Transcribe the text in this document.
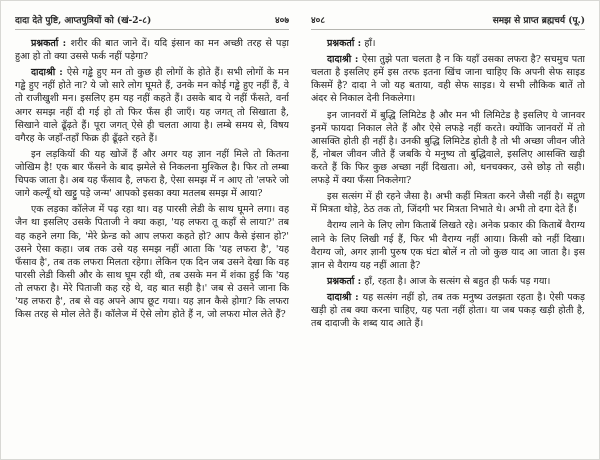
दादा देते पुष्टि, आप्तपुत्रियों को (खं-2-८)	४०७

प्रश्नकर्ता : शरीर की बात जाने दें। यदि इंसान का मन अच्छी तरह से पड़ा हुआ हो तो क्या उससे फर्क नहीं पड़ेगा?

दादाश्री : ऐसे गड्ढे हुए मन तो कुछ ही लोगों के होते हैं। सभी लोगों के मन गड्ढे हुए नहीं होते ना? ये जो सारे लोग घूमते हैं, उनके मन कोई गड्ढे हुए नहीं हैं, वे तो राजीखुशी मन। इसलिए हम यह नहीं कहते हैं। उसके बाद ये नहीं फँसते, वर्ना अगर समझ नहीं दी गई हो तो फिर फँस ही जाएँ। यह जगत् तो सिखाता है, सिखाने वाले ढूँढ़ते हैं। पूरा जगत् ऐसे ही चलता आया है। लम्बे समय से, विषय वगैरह के जहाँ-तहाँ फिक्र ही ढूँढ़ते रहते हैं।

इन लड़कियों की यह खोजें हैं और अगर यह ज्ञान नहीं मिले तो कितना जोखिम है! एक बार फँसने के बाद झमेले से निकलना मुश्किल है। फिर तो लम्बा चिपक जाता है। अब यह फँसाव है, लफरा है, ऐसा समझ में न आए तो 'लफरे जो जागे कल्यूँ थो खट्टु पड़े जन्म' आपको इसका क्या मतलब समझ में आया?

एक लड़का कॉलेज में पढ़ रहा था। वह पारसी लेडी के साथ घूमने लगा। वह जैन था इसलिए उसके पिताजी ने क्या कहा, 'यह लफरा तू कहाँ से लाया?' तब वह कहने लगा कि, 'मेरे फ्रेन्ड को आप लफरा कहते हो? आप कैसे इंसान हो?' उसने ऐसा कहा। जब तक उसे यह समझ नहीं आता कि 'यह लफरा है', 'यह फँसाव है', तब तक लफरा मिलता रहेगा। लेकिन एक दिन जब उसने देखा कि वह पारसी लेडी किसी और के साथ घूम रही थी, तब उसके मन में शंका हुई कि 'यह तो लफरा है। मेरे पिताजी कह रहे थे, वह बात सही है।' जब से उसने जाना कि 'यह लफरा है', तब से वह अपने आप छूट गया। यह ज्ञान कैसे होगा? कि लफरा किस तरह से मोल लेते हैं। कॉलेज में ऐसे लोग होते हैं न, जो लफरा मोल लेते हैं?

४०८	समझ से प्राप्त ब्रह्मचर्य (पू.)

प्रश्नकर्ता : हाँ।

दादाश्री : ऐसा तुझे पता चलता है न कि यहाँ उसका लफरा है? सचमुच पता चलता है इसलिए हमें इस तरफ इतना खिंच जाना चाहिए कि अपनी सेफ साइड किसमें है? दादा ने जो यह बताया, वही सेफ साइड। ये सभी लौकिक बातें तो अंदर से निकाल देनी निकलेगा।

इन जानवरों में बुद्धि लिमिटेड है और मन भी लिमिटेड है इसलिए ये जानवर इनमें फायदा निकाल लेते हैं और ऐसे लफड़े नहीं करते। क्योंकि जानवरों में तो आसक्ति होती ही नहीं है। उनकी बुद्धि लिमिटेड होती है तो भी अच्छा जीवन जीते हैं, नोबल जीवन जीते हैं जबकि ये मनुष्य तो बुद्धिवाले, इसलिए आसक्ति खड़ी करते हैं कि फिर कुछ अच्छा नहीं दिखता। ओ, धनचक्कर, उसे छोड़ तो सही। लफड़े में क्या फँसा निकलेगा?

इस सत्संग में ही रहने जैसा है। अभी कहीं मित्रता करने जैसी नहीं है। सद्गुण में मित्रता थोड़े, ठेठ तक तो, जिंदगी भर मित्रता निभाते थे। अभी तो दगा देते हैं।

वैराग्य लाने के लिए लोग किताबें लिखते रहे। अनेक प्रकार की किताबें वैराग्य लाने के लिए लिखी गई हैं, फिर भी वैराग्य नहीं आया। किसी को नहीं दिखा। वैराग्य जो, अगर ज्ञानी पुरुष एक घंटा बोलें न तो जो कुछ याद आ जाता है। इस ज्ञान से वैराग्य यह नहीं आता है?

प्रश्नकर्ता : हाँ, रहता है। आज के सत्संग से बहुत ही फर्क पड़ गया।

दादाश्री : यह सत्संग नहीं हो, तब तक मनुष्य उलझता रहता है। ऐसी पकड़ खड़ी हो तब क्या करना चाहिए, यह पता नहीं होता। या जब पकड़ खड़ी होती है, तब दादाजी के शब्द याद आते हैं।
